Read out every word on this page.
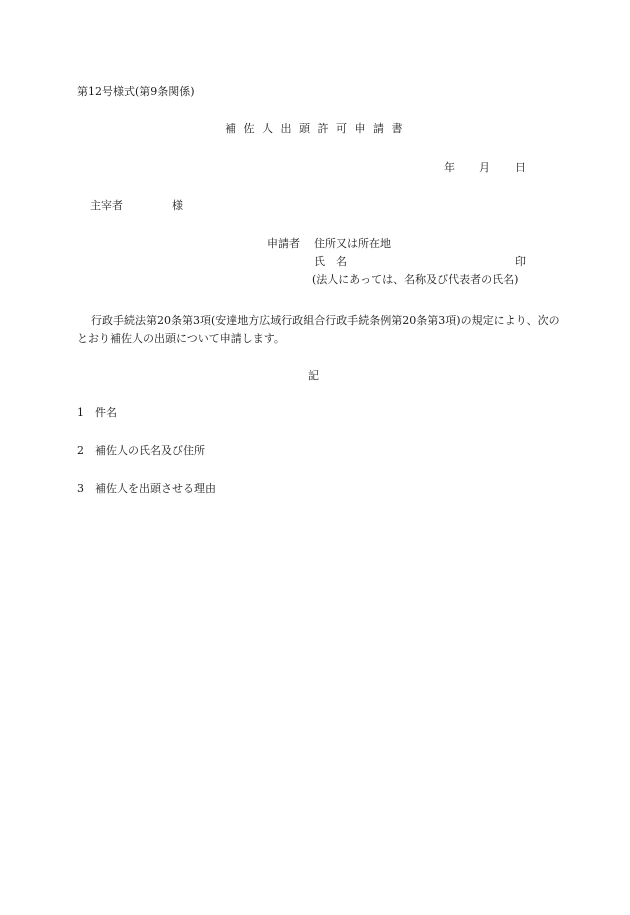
第12号様式(第9条関係)
補 佐 人 出 頭 許 可 申 請 書
年 月 日
主宰者	様
申請者 住所又は所在地
氏　名	印
(法人にあっては、名称及び代表者の氏名)
行政手続法第20条第3項(安達地方広域行政組合行政手続条例第20条第3項)の規定により、次のとおり補佐人の出頭について申請します。
記
1 件名
2 補佐人の氏名及び住所
3 補佐人を出頭させる理由
